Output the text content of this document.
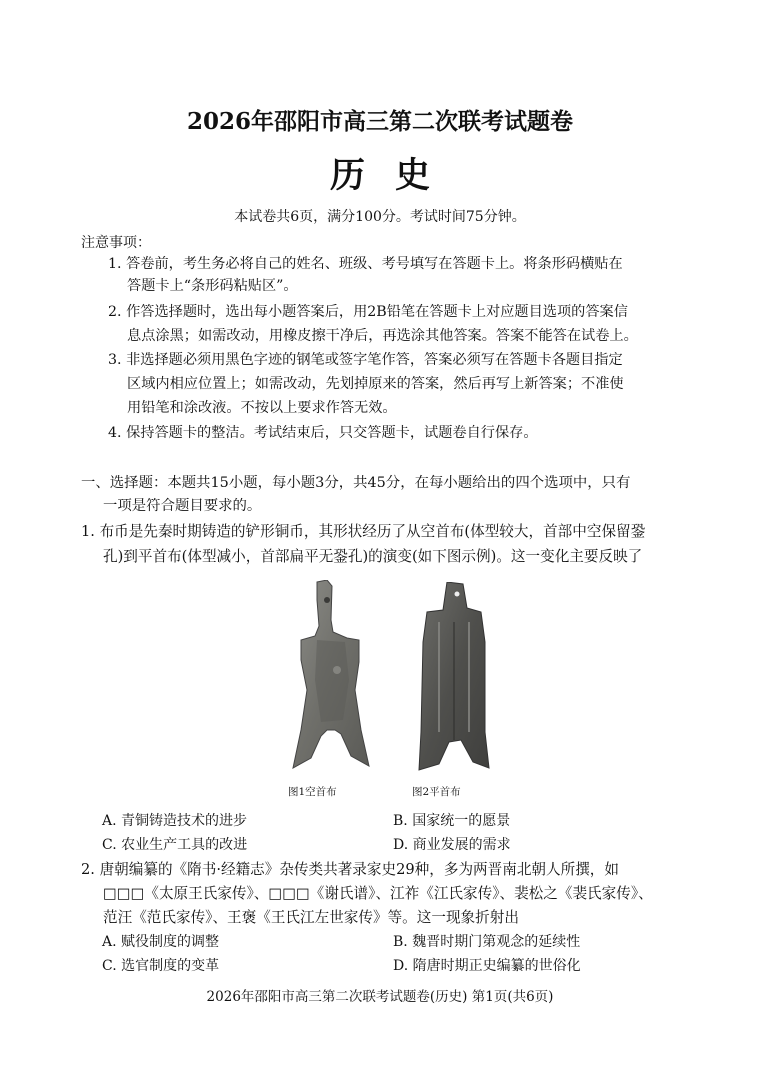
2026年邵阳市高三第二次联考试题卷
历史
本试卷共6页，满分100分。考试时间75分钟。
注意事项：
1. 答卷前，考生务必将自己的姓名、班级、考号填写在答题卡上。将条形码横贴在
答题卡上“条形码粘贴区”。
2. 作答选择题时，选出每小题答案后，用2B铅笔在答题卡上对应题目选项的答案信
息点涂黑；如需改动，用橡皮擦干净后，再选涂其他答案。答案不能答在试卷上。
3. 非选择题必须用黑色字迹的钢笔或签字笔作答，答案必须写在答题卡各题目指定
区域内相应位置上；如需改动，先划掉原来的答案，然后再写上新答案；不准使
用铅笔和涂改液。不按以上要求作答无效。
4. 保持答题卡的整洁。考试结束后，只交答题卡，试题卷自行保存。
一、选择题：本题共15小题，每小题3分，共45分，在每小题给出的四个选项中，只有
一项是符合题目要求的。
1. 布币是先秦时期铸造的铲形铜币，其形状经历了从空首布(体型较大，首部中空保留銎
孔)到平首布(体型减小，首部扁平无銎孔)的演变(如下图示例)。这一变化主要反映了
图1空首布	图2平首布
A. 青铜铸造技术的进步	B. 国家统一的愿景
C. 农业生产工具的改进	D. 商业发展的需求
2. 唐朝编纂的《隋书·经籍志》杂传类共著录家史29种，多为两晋南北朝人所撰，如
□□□《太原王氏家传》、□□□《谢氏谱》、江祚《江氏家传》、裴松之《裴氏家传》、
范汪《范氏家传》、王褒《王氏江左世家传》等。这一现象折射出
A. 赋役制度的调整	B. 魏晋时期门第观念的延续性
C. 选官制度的变革	D. 隋唐时期正史编纂的世俗化
2026年邵阳市高三第二次联考试题卷(历史) 第1页(共6页)
